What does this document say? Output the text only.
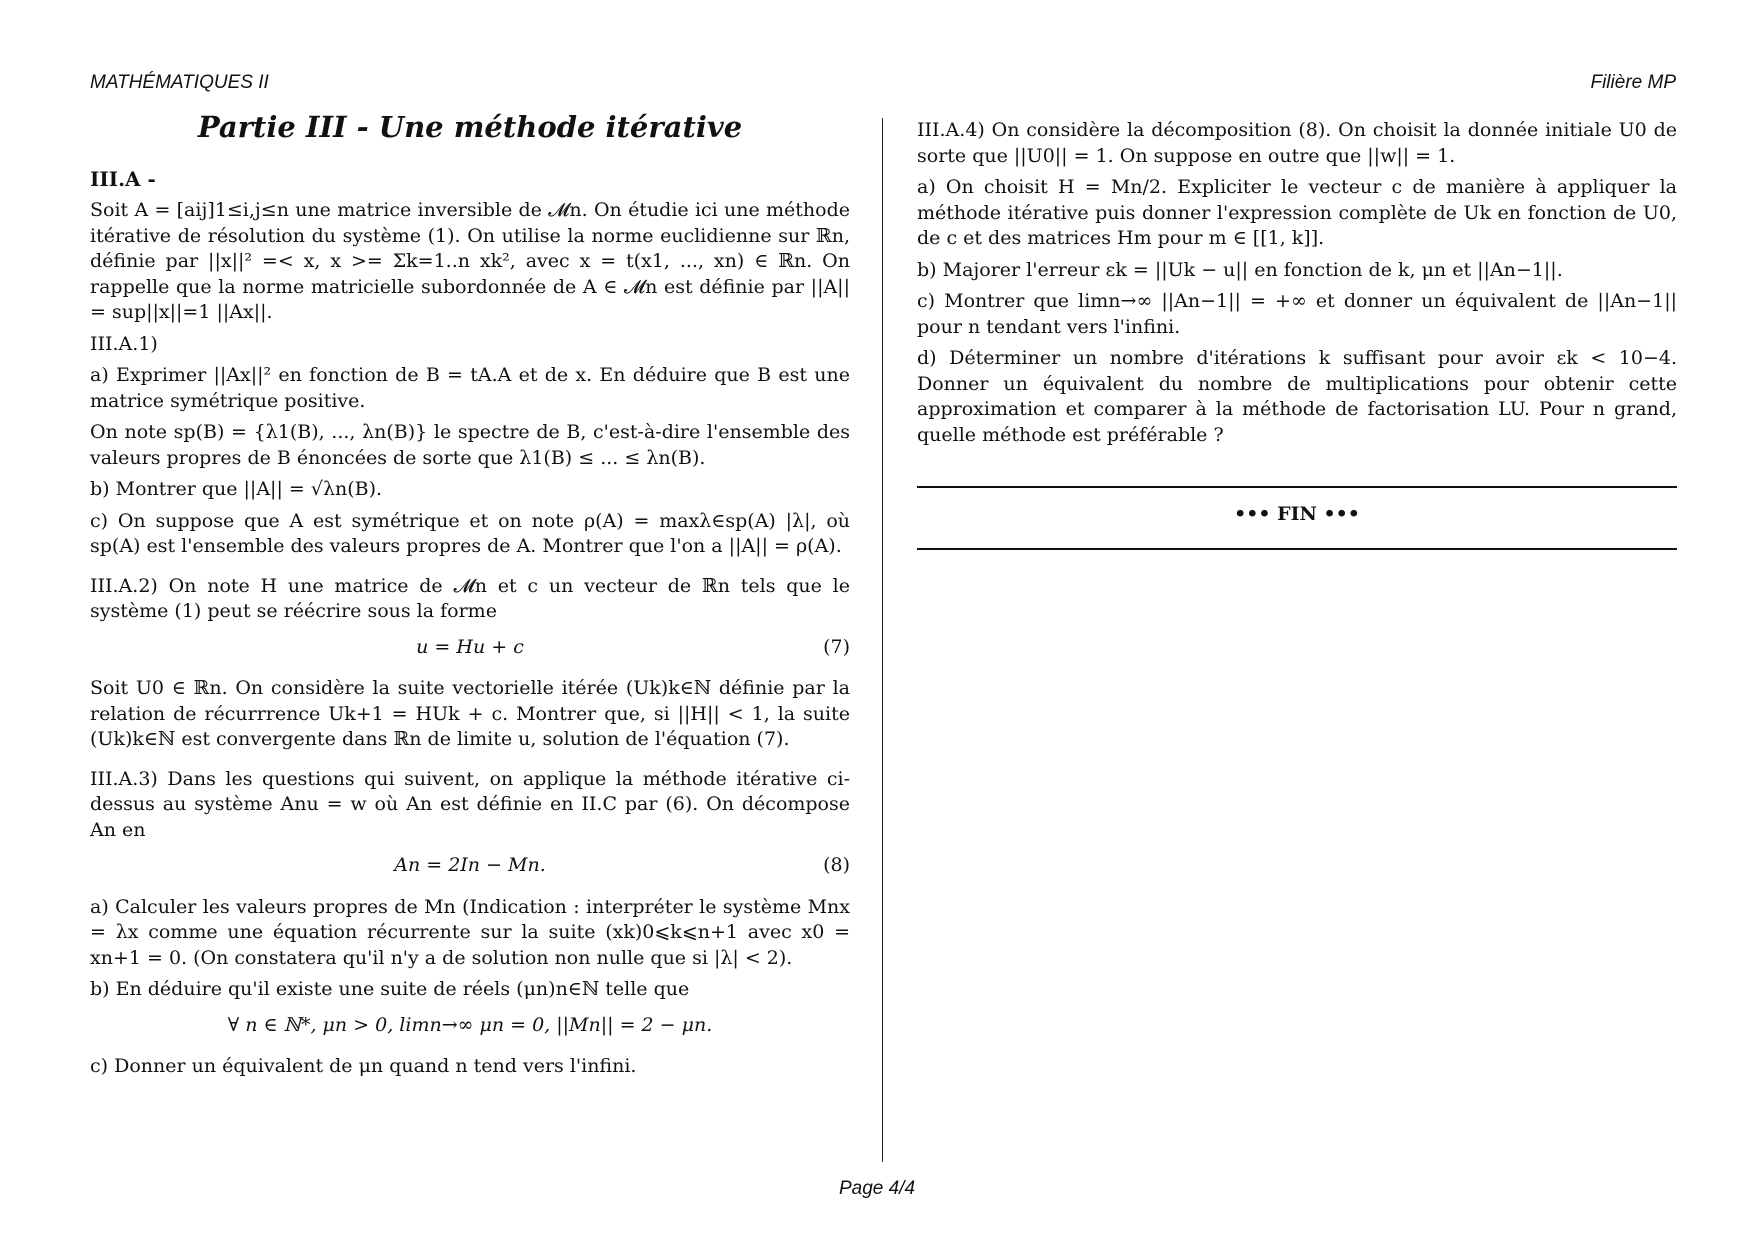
MATHÉMATIQUES II	Filière MP
Partie III - Une méthode itérative
III.A -

Soit A = [aij]1≤i,j≤n une matrice inversible de 𝓜n. On étudie ici une méthode itérative de résolution du système (1). On utilise la norme euclidienne sur ℝn, définie par ||x||² =< x, x >= Σk=1..n xk², avec x = t(x1, ..., xn) ∈ ℝn. On rappelle que la norme matricielle subordonnée de A ∈ 𝓜n est définie par ||A|| = sup||x||=1 ||Ax||.

III.A.1)

a) Exprimer ||Ax||² en fonction de B = tA.A et de x. En déduire que B est une matrice symétrique positive.

On note sp(B) = {λ1(B), ..., λn(B)} le spectre de B, c'est-à-dire l'ensemble des valeurs propres de B énoncées de sorte que λ1(B) ≤ ... ≤ λn(B).

b) Montrer que ||A|| = √λn(B).

c) On suppose que A est symétrique et on note ρ(A) = maxλ∈sp(A) |λ|, où sp(A) est l'ensemble des valeurs propres de A. Montrer que l'on a ||A|| = ρ(A).

III.A.2) On note H une matrice de 𝓜n et c un vecteur de ℝn tels que le système (1) peut se réécrire sous la forme

u = Hu + c	(7)

Soit U0 ∈ ℝn. On considère la suite vectorielle itérée (Uk)k∈ℕ définie par la relation de récurrrence Uk+1 = HUk + c. Montrer que, si ||H|| < 1, la suite (Uk)k∈ℕ est convergente dans ℝn de limite u, solution de l'équation (7).

III.A.3) Dans les questions qui suivent, on applique la méthode itérative ci-dessus au système Anu = w où An est définie en II.C par (6). On décompose An en

An = 2In − Mn.	(8)

a) Calculer les valeurs propres de Mn (Indication : interpréter le système Mnx = λx comme une équation récurrente sur la suite (xk)0⩽k⩽n+1 avec x0 = xn+1 = 0. (On constatera qu'il n'y a de solution non nulle que si |λ| < 2).

b) En déduire qu'il existe une suite de réels (μn)n∈ℕ telle que

∀ n ∈ ℕ*, μn > 0, limn→∞ μn = 0, ||Mn|| = 2 − μn.

c) Donner un équivalent de μn quand n tend vers l'infini.

III.A.4) On considère la décomposition (8). On choisit la donnée initiale U0 de sorte que ||U0|| = 1. On suppose en outre que ||w|| = 1.

a) On choisit H = Mn/2. Expliciter le vecteur c de manière à appliquer la méthode itérative puis donner l'expression complète de Uk en fonction de U0, de c et des matrices Hm pour m ∈ [[1, k]].

b) Majorer l'erreur εk = ||Uk − u|| en fonction de k, μn et ||An−1||.

c) Montrer que limn→∞ ||An−1|| = +∞ et donner un équivalent de ||An−1|| pour n tendant vers l'infini.

d) Déterminer un nombre d'itérations k suffisant pour avoir εk < 10−4. Donner un équivalent du nombre de multiplications pour obtenir cette approximation et comparer à la méthode de factorisation LU. Pour n grand, quelle méthode est préférable ?

••• FIN •••
Page 4/4
